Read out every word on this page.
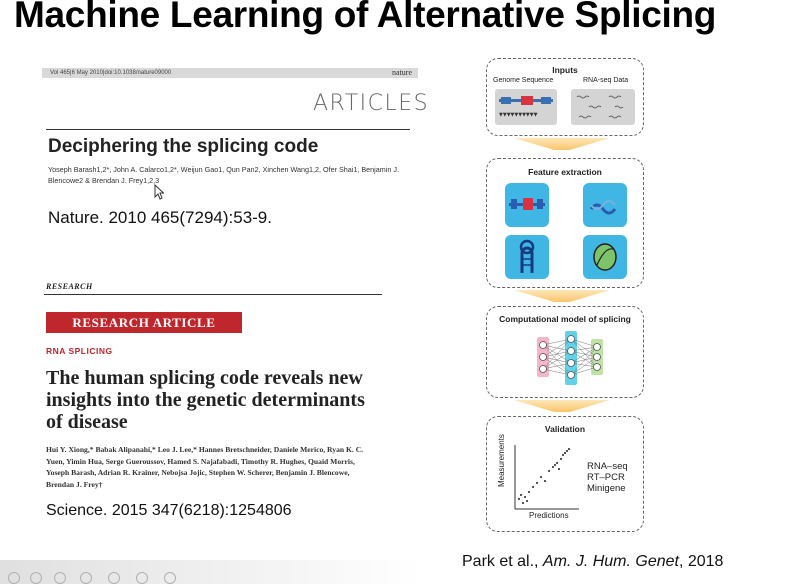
Machine Learning of Alternative Splicing
Vol 465|6 May 2010|doi:10.1038/nature09000	nature
ARTICLES
Deciphering the splicing code
Yoseph Barash1,2*, John A. Calarco1,2*, Weijun Gao1, Qun Pan2, Xinchen Wang1,2, Ofer Shai1, Benjamin J. Blencowe2 & Brendan J. Frey1,2,3
Nature. 2010 465(7294):53-9.
RESEARCH
RESEARCH ARTICLE SUMMARY
RNA SPLICING
The human splicing code reveals new insights into the genetic determinants of disease
Hui Y. Xiong,* Babak Alipanahi,* Leo J. Lee,* Hannes Bretschneider, Daniele Merico, Ryan K. C. Yuen, Yimin Hua, Serge Gueroussov, Hamed S. Najafabadi, Timothy R. Hughes, Quaid Morris, Yoseph Barash, Adrian R. Krainer, Nebojsa Jojic, Stephen W. Scherer, Benjamin J. Blencowe, Brendan J. Frey†
Science. 2015 347(6218):1254806
Inputs
Genome Sequence	RNA-seq Data
▼▼▼▼▼▼▼▼▼▼
Feature extraction
Computational model of splicing
Validation
Measurements
Predictions
RNA–seq
RT–PCR
Minigene
Park et al., Am. J. Hum. Genet, 2018
